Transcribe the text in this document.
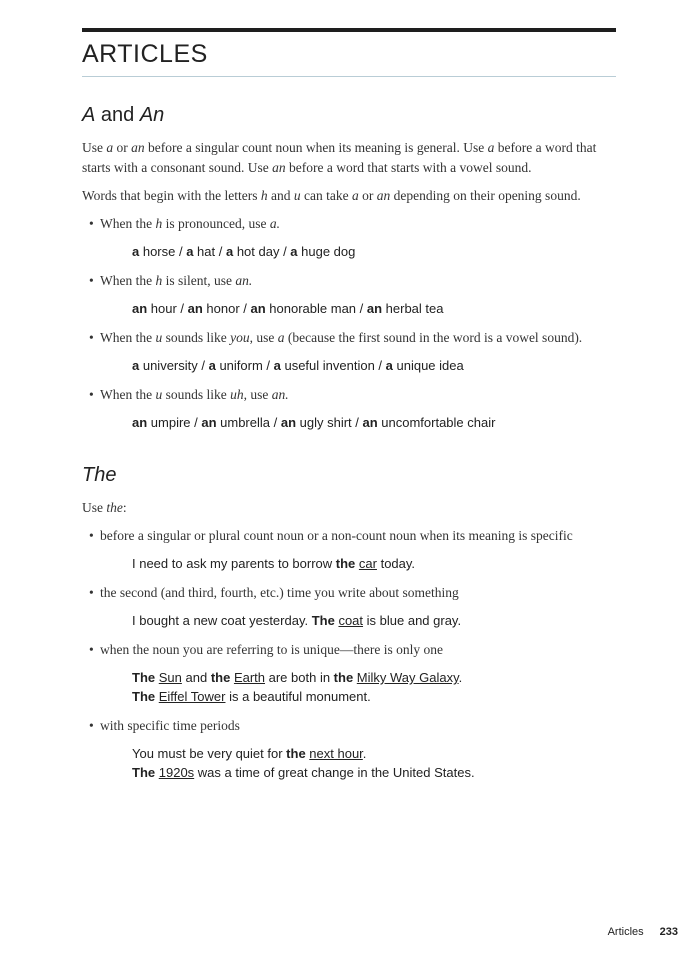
ARTICLES
A and An

Use a or an before a singular count noun when its meaning is general. Use a before a word that starts with a consonant sound. Use an before a word that starts with a vowel sound.

Words that begin with the letters h and u can take a or an depending on their opening sound.

• When the h is pronounced, use a.
a horse / a hat / a hot day / a huge dog
• When the h is silent, use an.
an hour / an honor / an honorable man / an herbal tea
• When the u sounds like you, use a (because the first sound in the word is a vowel sound).
a university / a uniform / a useful invention / a unique idea
• When the u sounds like uh, use an.
an umpire / an umbrella / an ugly shirt / an uncomfortable chair
The

Use the:

• before a singular or plural count noun or a non-count noun when its meaning is specific
I need to ask my parents to borrow the car today.
• the second (and third, fourth, etc.) time you write about something
I bought a new coat yesterday. The coat is blue and gray.
• when the noun you are referring to is unique—there is only one
The Sun and the Earth are both in the Milky Way Galaxy.
The Eiffel Tower is a beautiful monument.
• with specific time periods
You must be very quiet for the next hour.
The 1920s was a time of great change in the United States.
Articles 233
